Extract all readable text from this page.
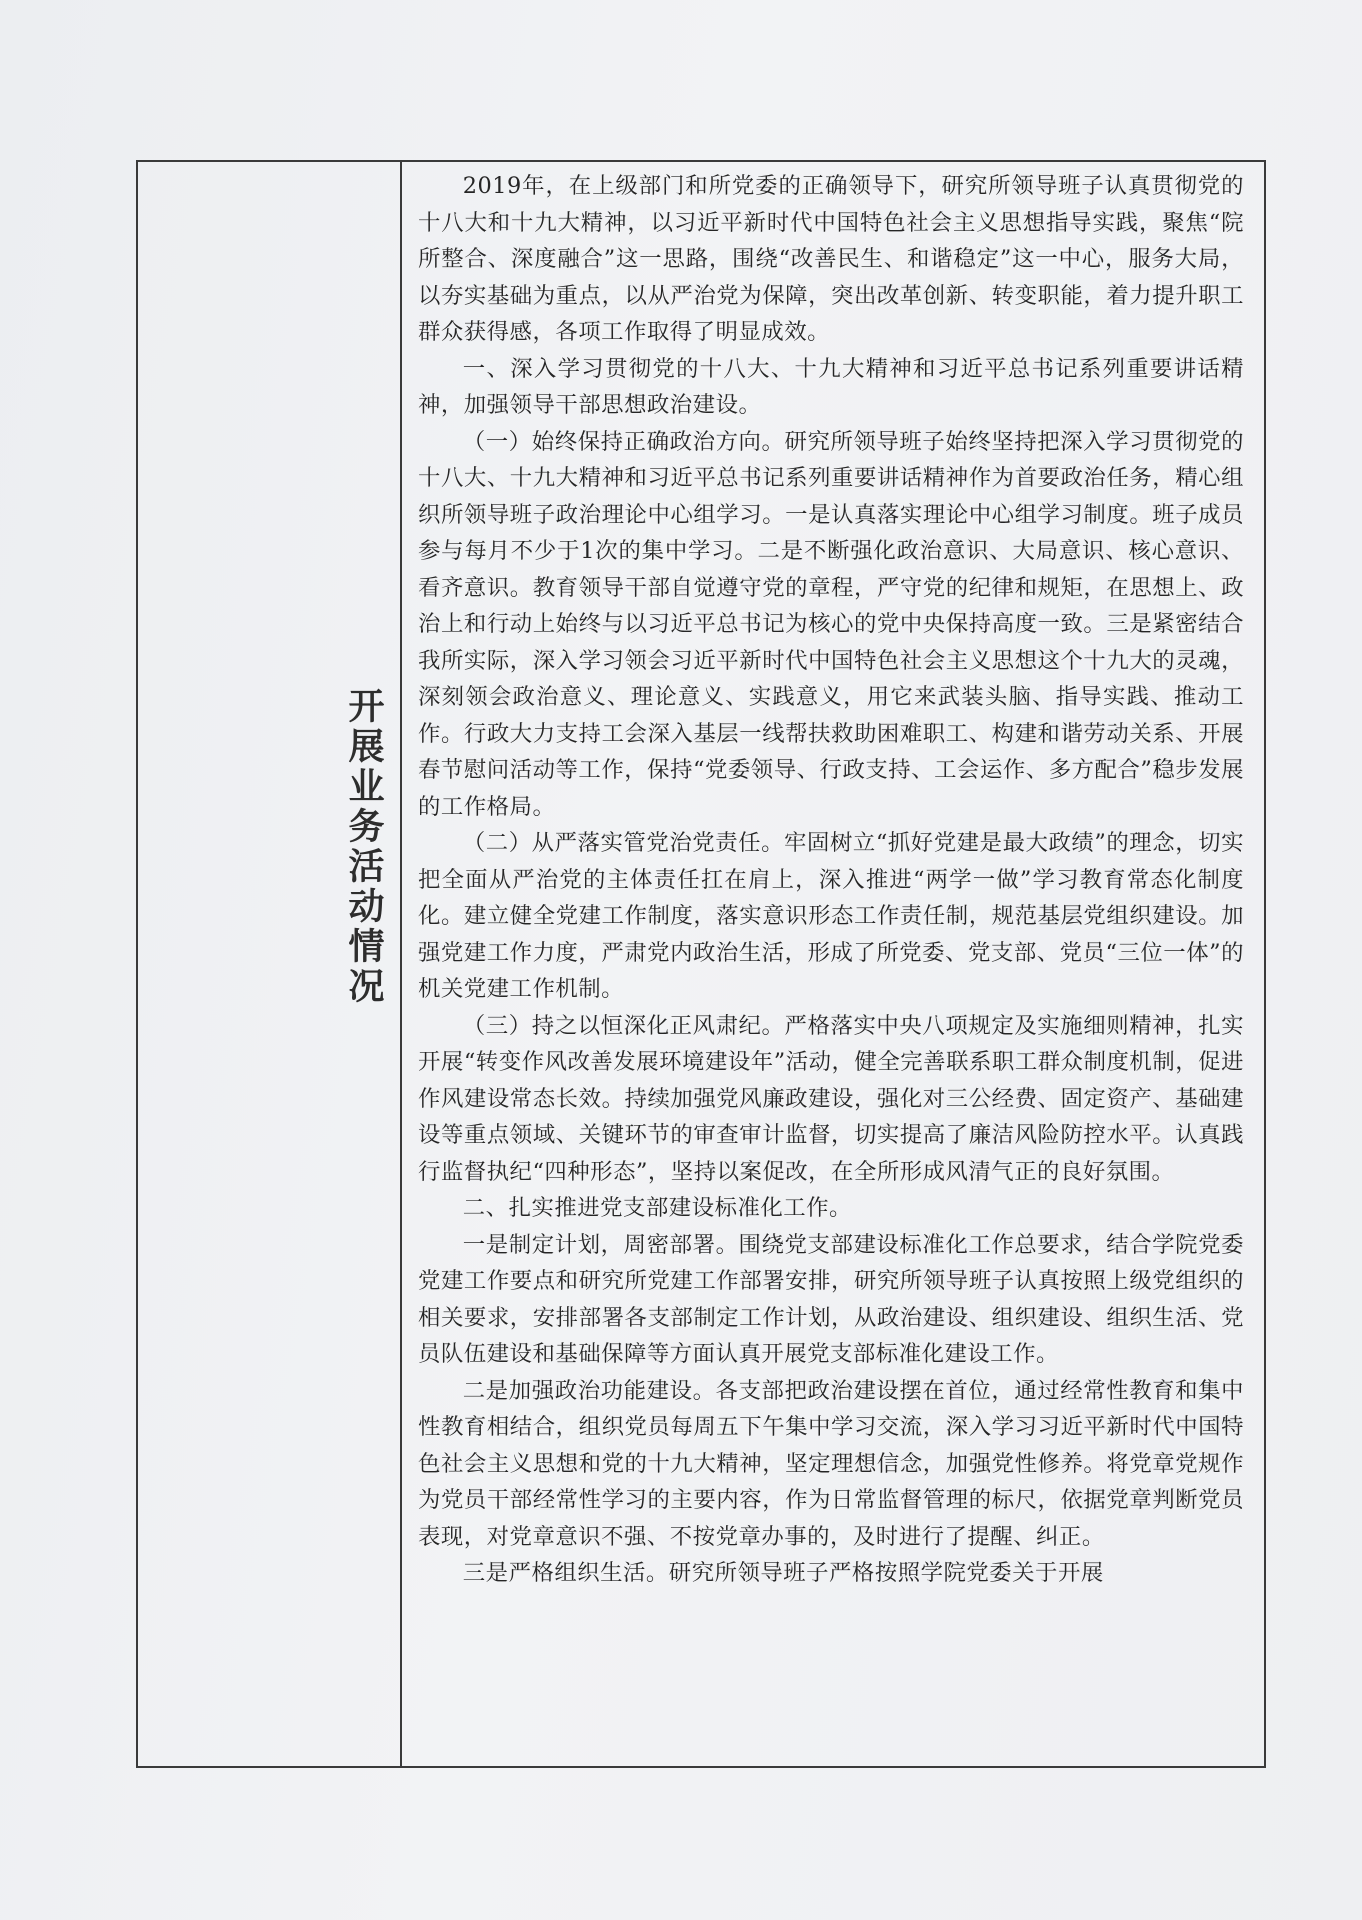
开展业务活动情况

2019年，在上级部门和所党委的正确领导下，研究所领导班子认真贯彻党的十八大和十九大精神，以习近平新时代中国特色社会主义思想指导实践，聚焦“院所整合、深度融合”这一思路，围绕“改善民生、和谐稳定”这一中心，服务大局，以夯实基础为重点，以从严治党为保障，突出改革创新、转变职能，着力提升职工群众获得感，各项工作取得了明显成效。

一、深入学习贯彻党的十八大、十九大精神和习近平总书记系列重要讲话精神，加强领导干部思想政治建设。

（一）始终保持正确政治方向。研究所领导班子始终坚持把深入学习贯彻党的十八大、十九大精神和习近平总书记系列重要讲话精神作为首要政治任务，精心组织所领导班子政治理论中心组学习。一是认真落实理论中心组学习制度。班子成员参与每月不少于1次的集中学习。二是不断强化政治意识、大局意识、核心意识、看齐意识。教育领导干部自觉遵守党的章程，严守党的纪律和规矩，在思想上、政治上和行动上始终与以习近平总书记为核心的党中央保持高度一致。三是紧密结合我所实际，深入学习领会习近平新时代中国特色社会主义思想这个十九大的灵魂，深刻领会政治意义、理论意义、实践意义，用它来武装头脑、指导实践、推动工作。行政大力支持工会深入基层一线帮扶救助困难职工、构建和谐劳动关系、开展春节慰问活动等工作，保持“党委领导、行政支持、工会运作、多方配合”稳步发展的工作格局。

（二）从严落实管党治党责任。牢固树立“抓好党建是最大政绩”的理念，切实把全面从严治党的主体责任扛在肩上，深入推进“两学一做”学习教育常态化制度化。建立健全党建工作制度，落实意识形态工作责任制，规范基层党组织建设。加强党建工作力度，严肃党内政治生活，形成了所党委、党支部、党员“三位一体”的机关党建工作机制。

（三）持之以恒深化正风肃纪。严格落实中央八项规定及实施细则精神，扎实开展“转变作风改善发展环境建设年”活动，健全完善联系职工群众制度机制，促进作风建设常态长效。持续加强党风廉政建设，强化对三公经费、固定资产、基础建设等重点领域、关键环节的审查审计监督，切实提高了廉洁风险防控水平。认真践行监督执纪“四种形态”，坚持以案促改，在全所形成风清气正的良好氛围。

二、扎实推进党支部建设标准化工作。

一是制定计划，周密部署。围绕党支部建设标准化工作总要求，结合学院党委党建工作要点和研究所党建工作部署安排，研究所领导班子认真按照上级党组织的相关要求，安排部署各支部制定工作计划，从政治建设、组织建设、组织生活、党员队伍建设和基础保障等方面认真开展党支部标准化建设工作。

二是加强政治功能建设。各支部把政治建设摆在首位，通过经常性教育和集中性教育相结合，组织党员每周五下午集中学习交流，深入学习习近平新时代中国特色社会主义思想和党的十九大精神，坚定理想信念，加强党性修养。将党章党规作为党员干部经常性学习的主要内容，作为日常监督管理的标尺，依据党章判断党员表现，对党章意识不强、不按党章办事的，及时进行了提醒、纠正。

三是严格组织生活。研究所领导班子严格按照学院党委关于开展
